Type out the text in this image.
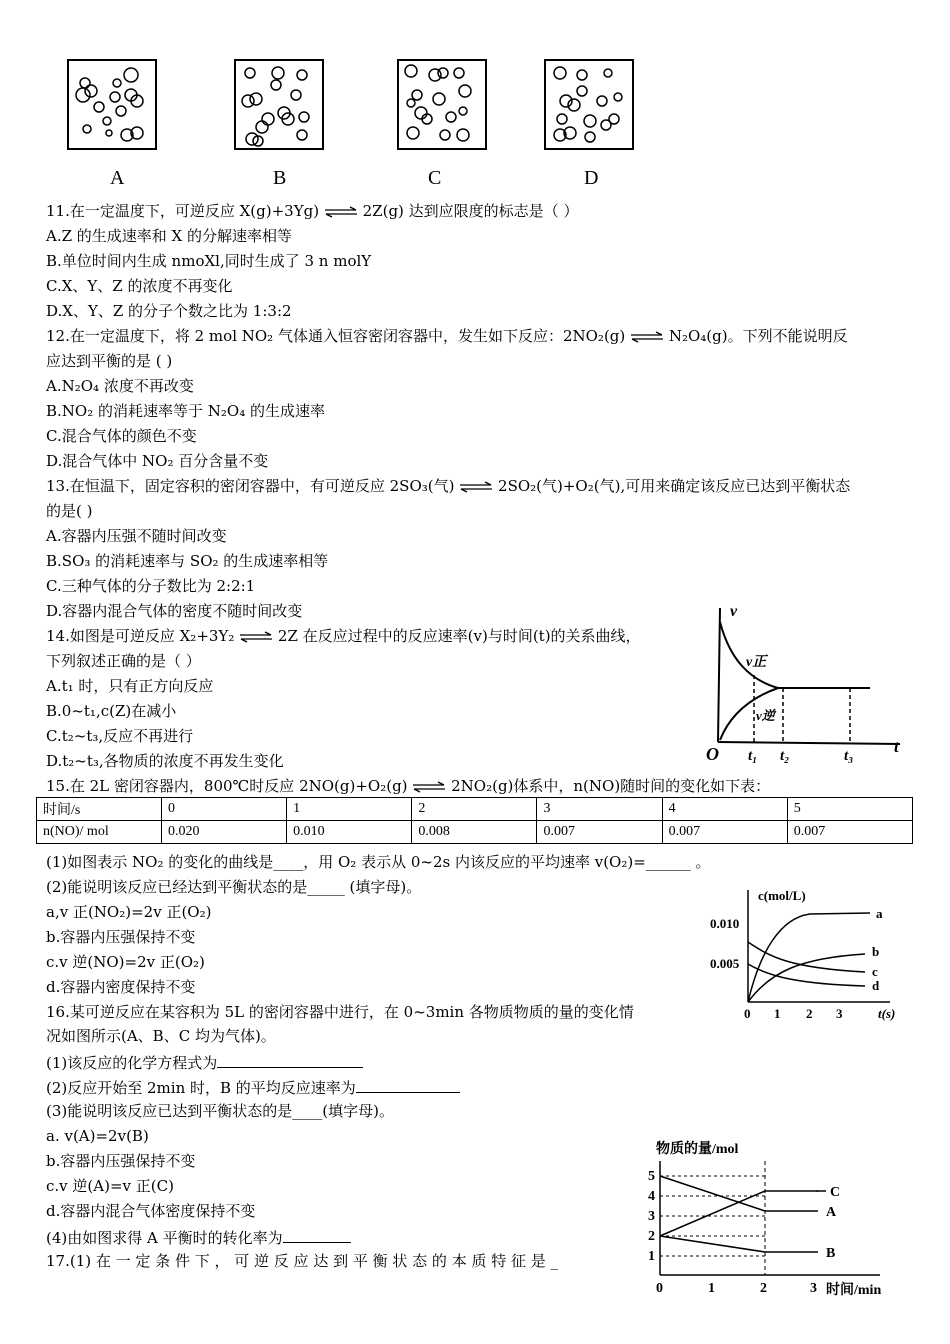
A	B	C	D
11.在一定温度下，可逆反应 X(g)+3Yg) ⇌ 2Z(g) 达到应限度的标志是（ ）
A.Z 的生成速率和 X 的分解速率相等
B.单位时间内生成 nmoXl,同时生成了 3 n molY
C.X、Y、Z 的浓度不再变化
D.X、Y、Z 的分子个数之比为 1:3:2
12.在一定温度下，将 2 mol NO₂ 气体通入恒容密闭容器中，发生如下反应：2NO₂(g) ⇌ N₂O₄(g)。下列不能说明反
应达到平衡的是 ( )
A.N₂O₄ 浓度不再改变
B.NO₂ 的消耗速率等于 N₂O₄ 的生成速率
C.混合气体的颜色不变
D.混合气体中 NO₂ 百分含量不变
13.在恒温下，固定容积的密闭容器中，有可逆反应 2SO₃(气) ⇌ 2SO₂(气)+O₂(气),可用来确定该反应已达到平衡状态
的是( )
A.容器内压强不随时间改变
B.SO₃ 的消耗速率与 SO₂ 的生成速率相等
C.三种气体的分子数比为 2:2:1
D.容器内混合气体的密度不随时间改变
14.如图是可逆反应 X₂+3Y₂ ⇌ 2Z 在反应过程中的反应速率(v)与时间(t)的关系曲线，
下列叙述正确的是（ ）
A.t₁ 时，只有正方向反应
B.0~t₁,c(Z)在减小
C.t₂~t₃,反应不再进行
D.t₂~t₃,各物质的浓度不再发生变化
v
v正
v逆
O	t
t₁ t₂	t₃
15.在 2L 密闭容器内，800℃时反应 2NO(g)+O₂(g) ⇌ 2NO₂(g)体系中，n(NO)随时间的变化如下表：
时间/s	0	1	2	3	4	5
n(NO)/ mol	0.020	0.010	0.008	0.007	0.007	0.007
(1)如图表示 NO₂ 的变化的曲线是____，用 O₂ 表示从 0~2s 内该反应的平均速率 v(O₂)=______ 。
(2)能说明该反应已经达到平衡状态的是_____ (填字母)。
a,v 正(NO₂)=2v 正(O₂)
b.容器内压强保持不变
c.v 逆(NO)=2v 正(O₂)
d.容器内密度保持不变
c(mol/L)
0.010
0.005
a
b
c
d
0 1 2 3	t(s)
16.某可逆反应在某容积为 5L 的密闭容器中进行，在 0~3min 各物质物质的量的变化情
况如图所示(A、B、C 均为气体)。
(1)该反应的化学方程式为
(2)反应开始至 2min 时，B 的平均反应速率为
(3)能说明该反应已达到平衡状态的是____(填字母)。
a. v(A)=2v(B)
b.容器内压强保持不变
c.v 逆(A)=v 正(C)
d.容器内混合气体密度保持不变
(4)由如图求得 A 平衡时的转化率为
物质的量/mol
5
4
3
2
1
C
A
B
0	1	2	3 时间/min
17.(1) 在 一 定 条 件 下 ， 可 逆 反 应 达 到 平 衡 状 态 的 本 质 特 征 是 _
